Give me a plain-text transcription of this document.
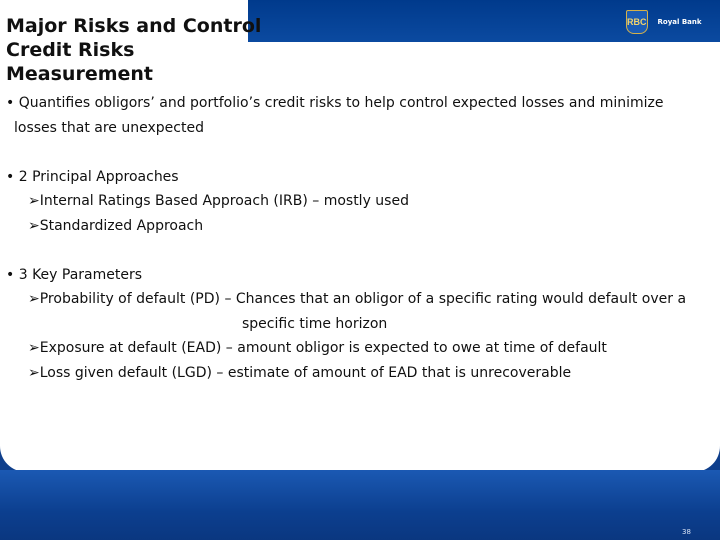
Major Risks and Control
Credit Risks
Measurement
RBC Royal Bank

• Quantifies obligors’ and portfolio’s credit risks to help control expected losses and minimize

losses that are unexpected

• 2 Principal Approaches

➢Internal Ratings Based Approach (IRB) – mostly used

➢Standardized Approach

• 3 Key Parameters

➢Probability of default (PD) – Chances that an obligor of a specific rating would default over a

specific time horizon

➢Exposure at default (EAD) – amount obligor is expected to owe at time of default

➢Loss given default (LGD) – estimate of amount of EAD that is unrecoverable

38
